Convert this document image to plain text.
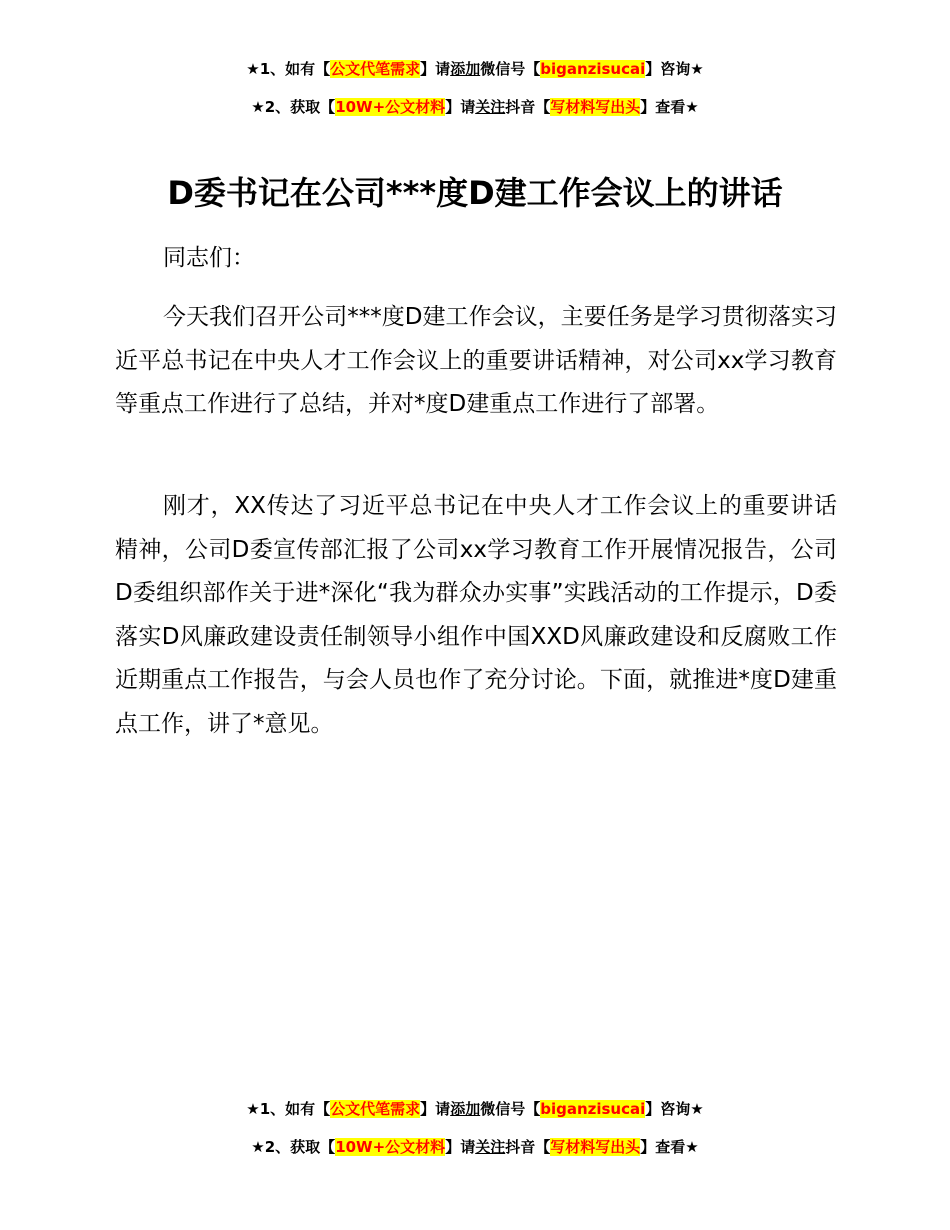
★1、如有【公文代笔需求】请添加微信号【biganzisucai】咨询★
★2、获取【10W+公文材料】请关注抖音【写材料写出头】查看★
D委书记在公司***度D建工作会议上的讲话

同志们：

今天我们召开公司***度D建工作会议，主要任务是学习贯彻落实习近平总书记在中央人才工作会议上的重要讲话精神，对公司xx学习教育等重点工作进行了总结，并对*度D建重点工作进行了部署。

刚才，XX传达了习近平总书记在中央人才工作会议上的重要讲话精神，公司D委宣传部汇报了公司xx学习教育工作开展情况报告，公司D委组织部作关于进*深化“我为群众办实事”实践活动的工作提示，D委落实D风廉政建设责任制领导小组作中国XXD风廉政建设和反腐败工作近期重点工作报告，与会人员也作了充分讨论。下面，就推进*度D建重点工作，讲了*意见。

★1、如有【公文代笔需求】请添加微信号【biganzisucai】咨询★
★2、获取【10W+公文材料】请关注抖音【写材料写出头】查看★
